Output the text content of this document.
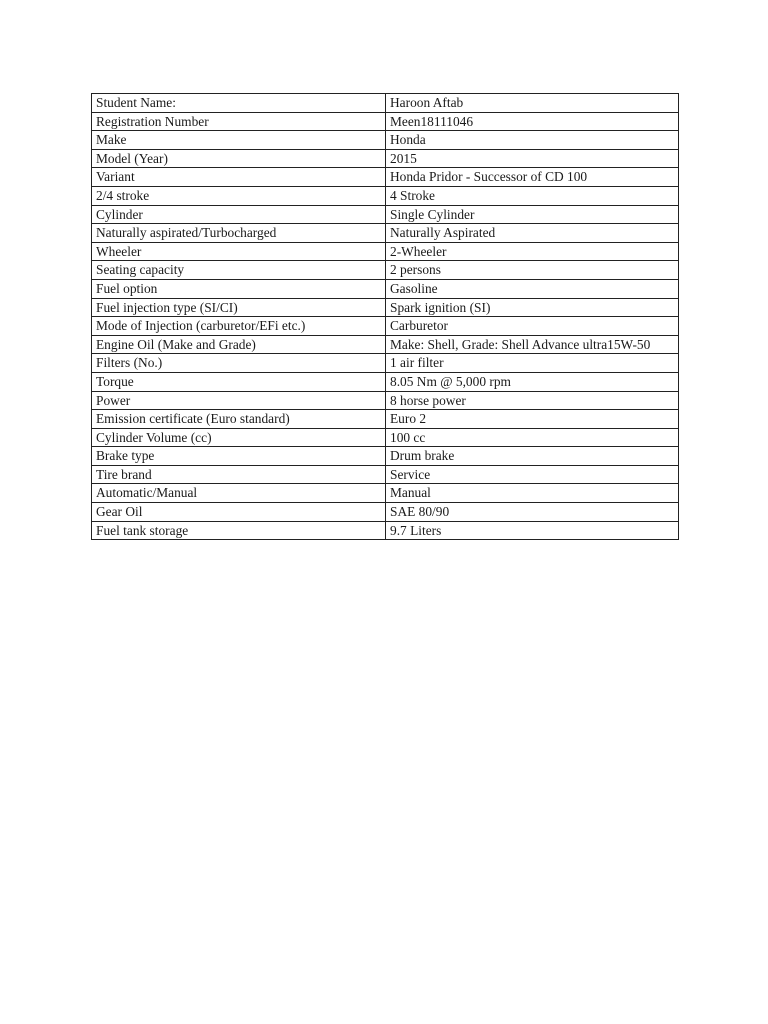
Student Name:	Haroon Aftab
Registration Number	Meen18111046
Make	Honda
Model (Year)	2015
Variant	Honda Pridor - Successor of CD 100
2/4 stroke	4 Stroke
Cylinder	Single Cylinder
Naturally aspirated/Turbocharged	Naturally Aspirated
Wheeler	2-Wheeler
Seating capacity	2 persons
Fuel option	Gasoline
Fuel injection type (SI/CI)	Spark ignition (SI)
Mode of Injection (carburetor/EFi etc.)	Carburetor
Engine Oil (Make and Grade)	Make: Shell, Grade: Shell Advance ultra15W-50
Filters (No.)	1 air filter
Torque	8.05 Nm @ 5,000 rpm
Power	8 horse power
Emission certificate (Euro standard)	Euro 2
Cylinder Volume (cc)	100 cc
Brake type	Drum brake
Tire brand	Service
Automatic/Manual	Manual
Gear Oil	SAE 80/90
Fuel tank storage	9.7 Liters
